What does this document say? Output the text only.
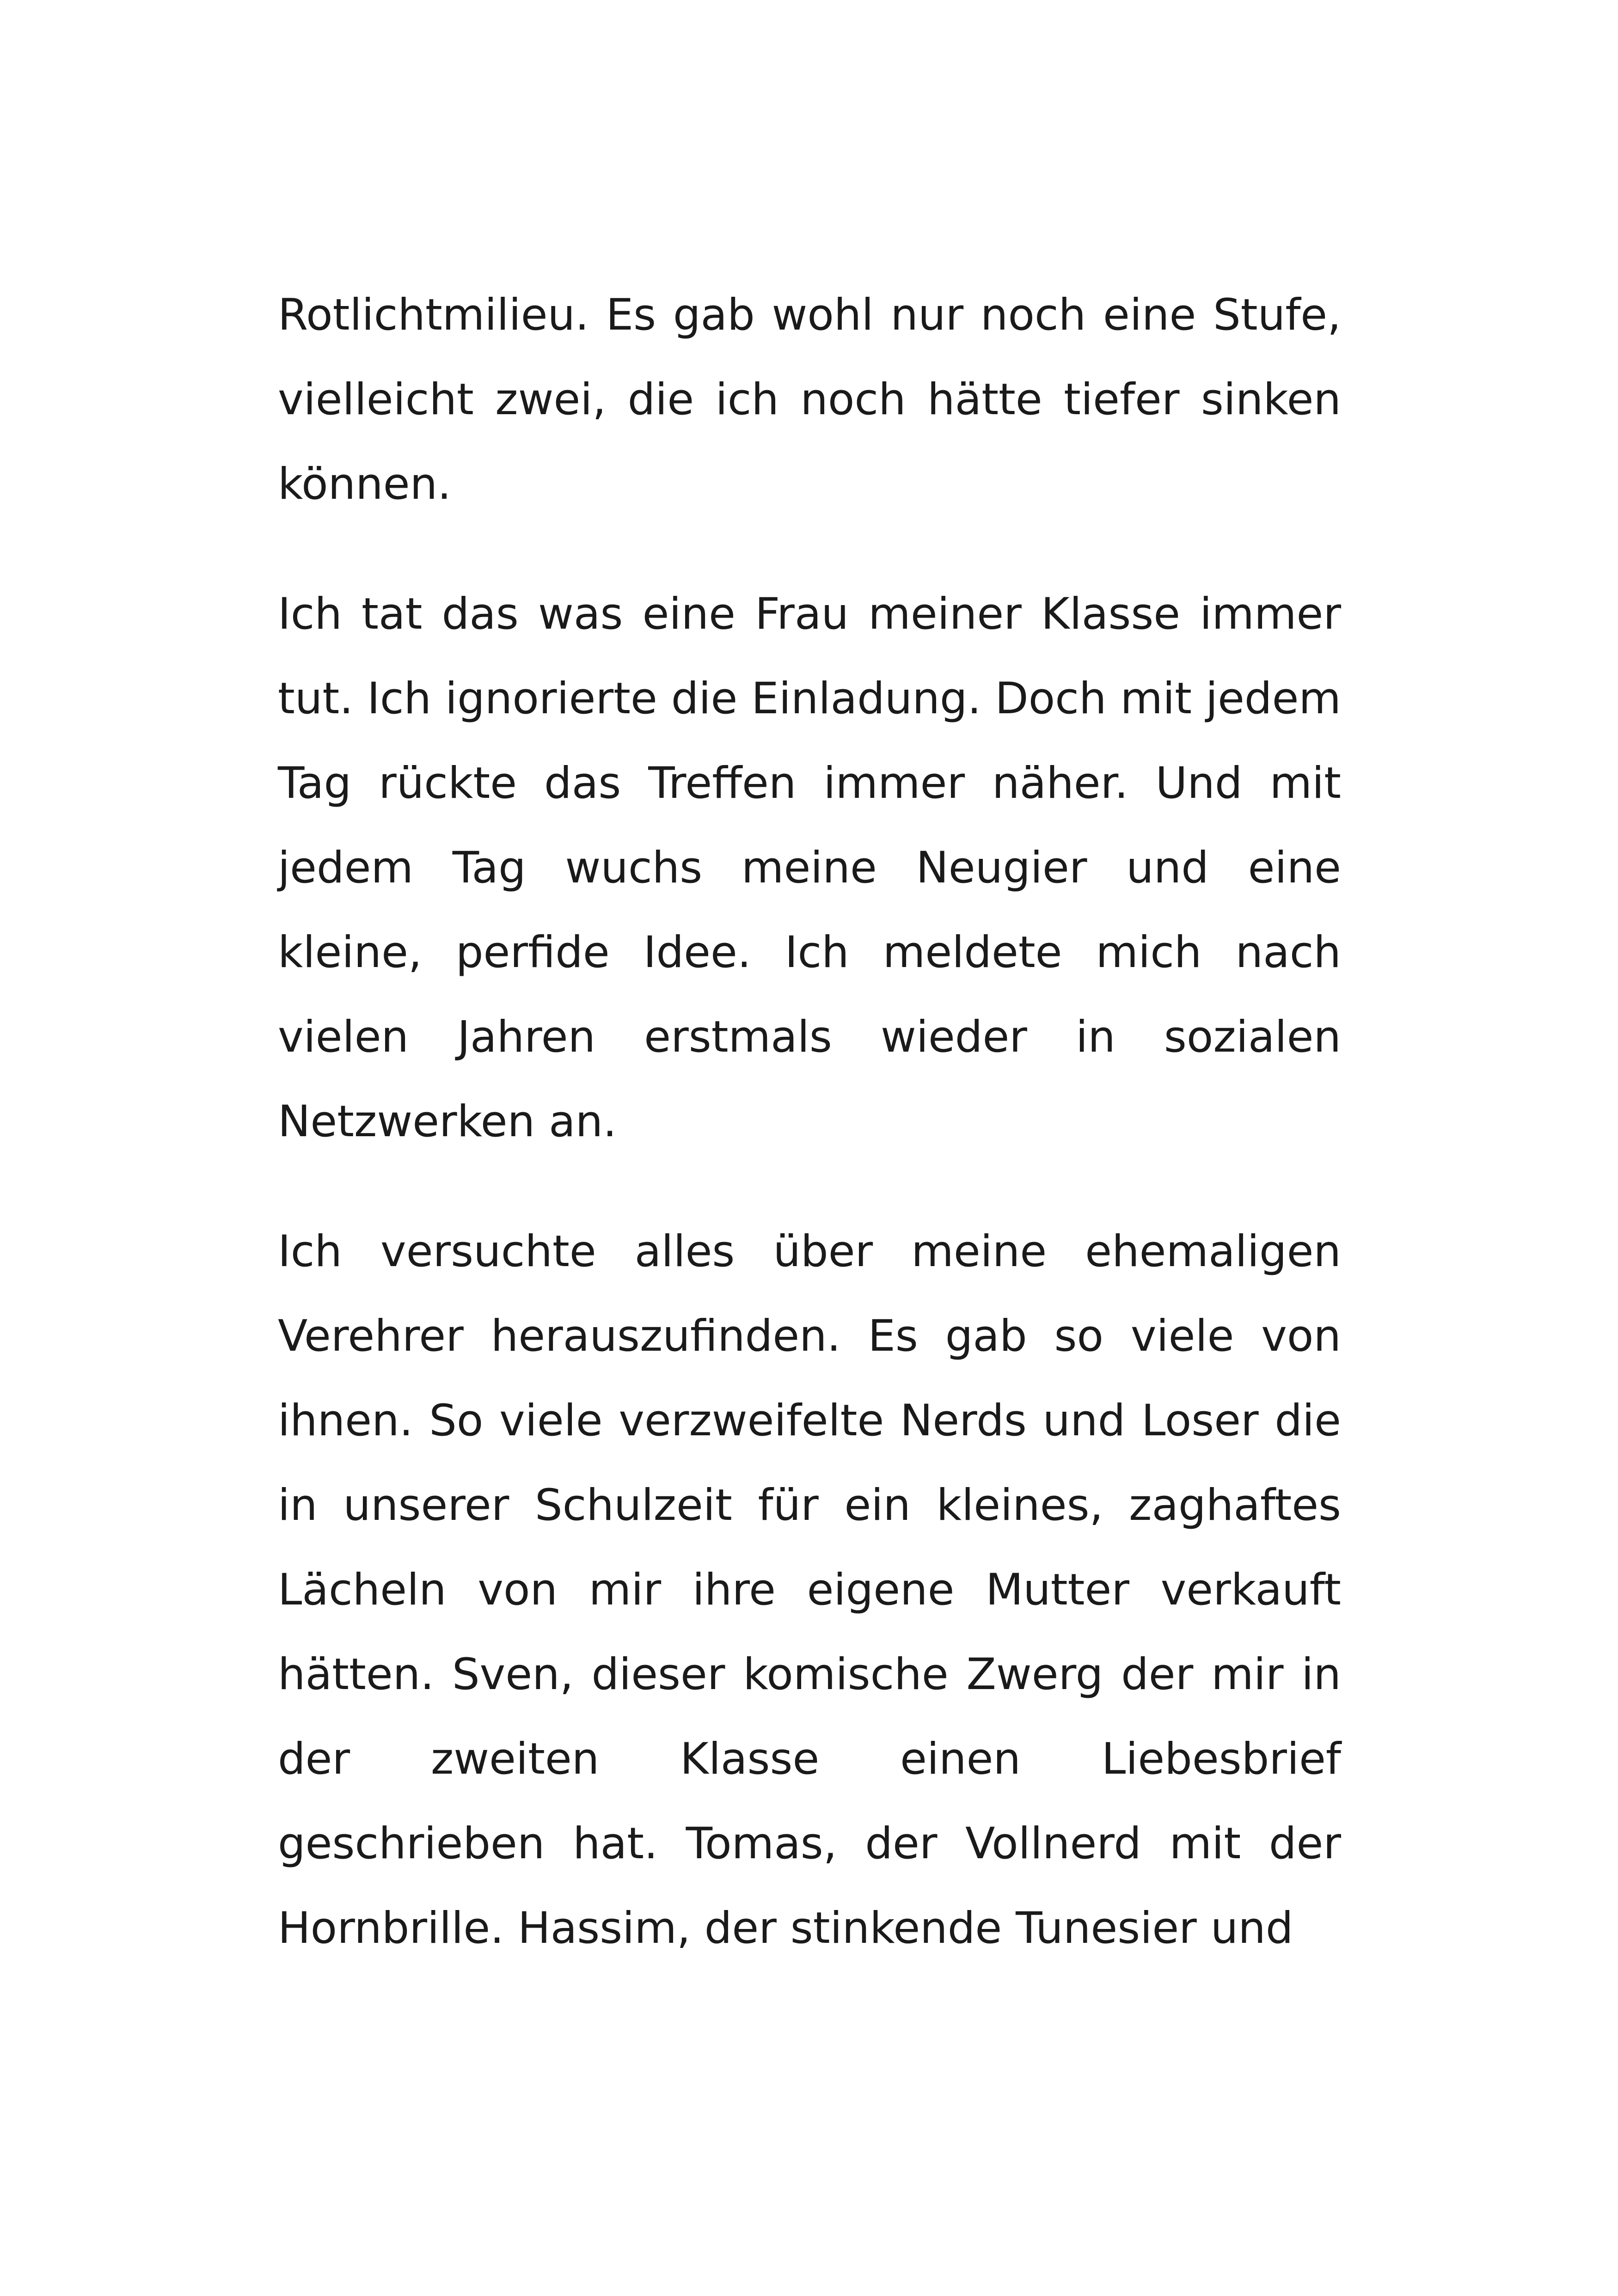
Rotlichtmilieu. Es gab wohl nur noch eine Stufe, vielleicht zwei, die ich noch hätte tiefer sinken können.

Ich tat das was eine Frau meiner Klasse immer tut. Ich ignorierte die Einladung. Doch mit jedem Tag rückte das Treffen immer näher. Und mit jedem Tag wuchs meine Neugier und eine kleine, perfide Idee. Ich meldete mich nach vielen Jahren erstmals wieder in sozialen Netzwerken an.

Ich versuchte alles über meine ehemaligen Verehrer herauszufinden. Es gab so viele von ihnen. So viele verzweifelte Nerds und Loser die in unserer Schulzeit für ein kleines, zaghaftes Lächeln von mir ihre eigene Mutter verkauft hätten. Sven, dieser komische Zwerg der mir in der zweiten Klasse einen Liebesbrief geschrieben hat. Tomas, der Vollnerd mit der Hornbrille. Hassim, der stinkende Tunesier und
